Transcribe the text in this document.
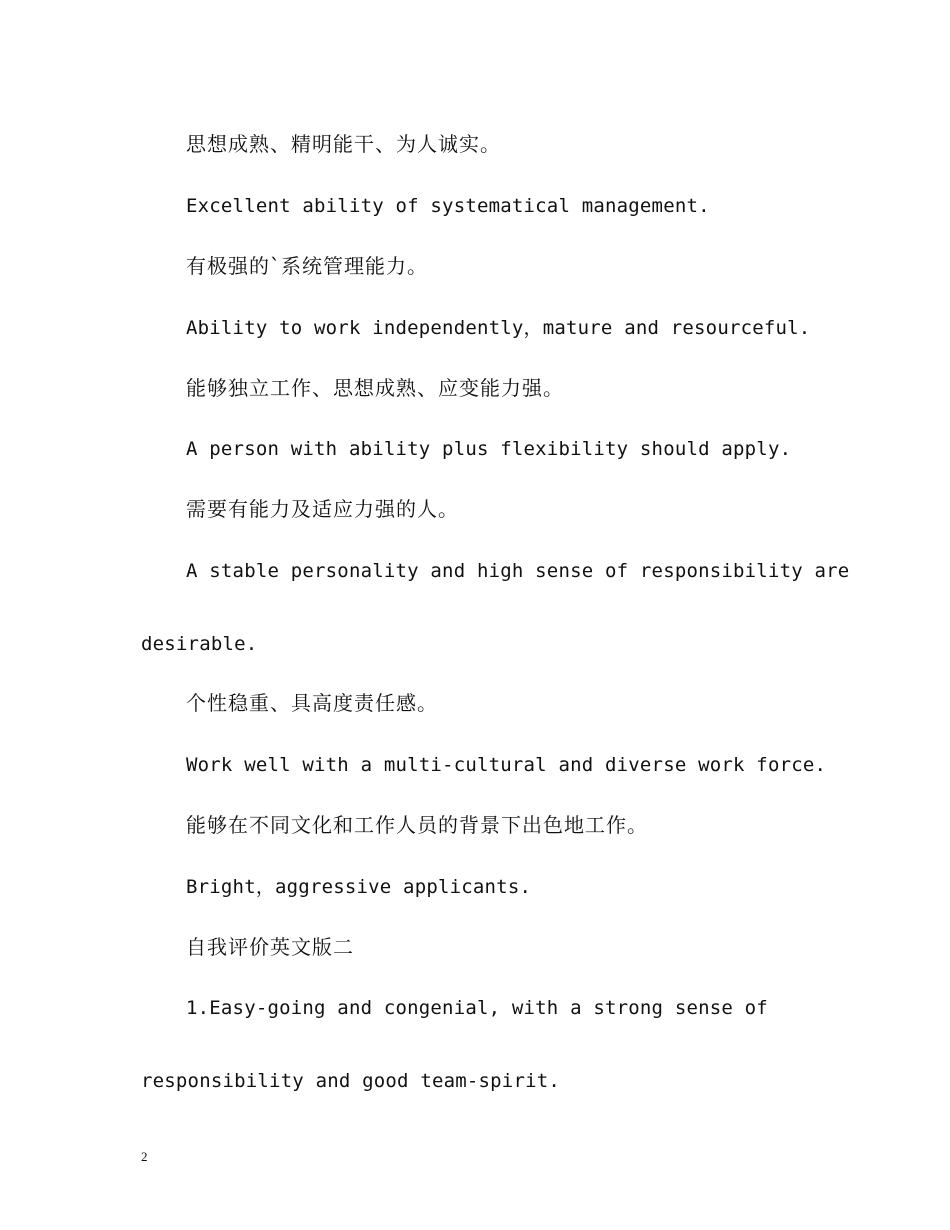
思想成熟、精明能干、为人诚实。
Excellent ability of systematical management.
有极强的`系统管理能力。
Ability to work independently，mature and resourceful.
能够独立工作、思想成熟、应变能力强。
A person with ability plus flexibility should apply.
需要有能力及适应力强的人。
A stable personality and high sense of responsibility are
desirable.
个性稳重、具高度责任感。
Work well with a multi-cultural and diverse work force.
能够在不同文化和工作人员的背景下出色地工作。
Bright，aggressive applicants.
自我评价英文版二
1.Easy-going and congenial, with a strong sense of
responsibility and good team-spirit.
2
